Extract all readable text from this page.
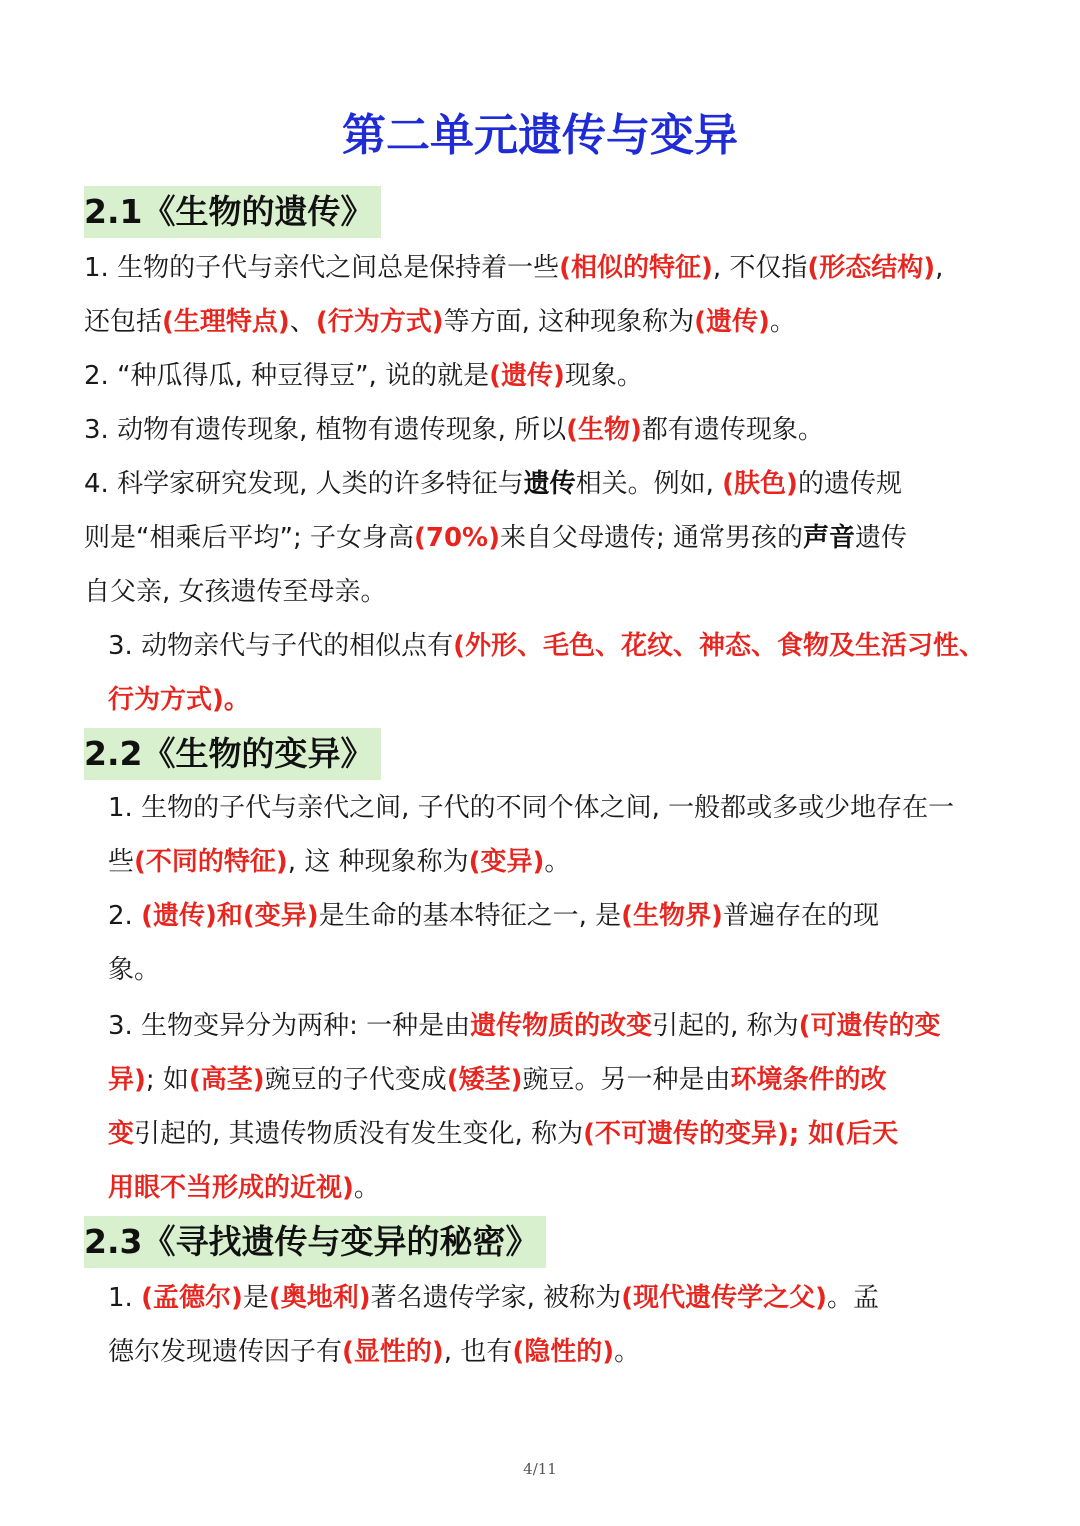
第二单元遗传与变异
2.1《生物的遗传》
1. 生物的子代与亲代之间总是保持着一些(相似的特征), 不仅指(形态结构),
还包括(生理特点)、(行为方式)等方面, 这种现象称为(遗传)。
2. “种瓜得瓜, 种豆得豆”, 说的就是(遗传)现象。
3. 动物有遗传现象, 植物有遗传现象, 所以(生物)都有遗传现象。
4. 科学家研究发现, 人类的许多特征与遗传相关。例如, (肤色)的遗传规
则是“相乘后平均”; 子女身高(70%)来自父母遗传; 通常男孩的声音遗传
自父亲, 女孩遗传至母亲。
3. 动物亲代与子代的相似点有(外形、毛色、花纹、神态、食物及生活习性、
行为方式)。
2.2《生物的变异》
1. 生物的子代与亲代之间, 子代的不同个体之间, 一般都或多或少地存在一
些(不同的特征), 这 种现象称为(变异)。
2. (遗传)和(变异)是生命的基本特征之一, 是(生物界)普遍存在的现
象。
3. 生物变异分为两种: 一种是由遗传物质的改变引起的, 称为(可遗传的变
异); 如(高茎)豌豆的子代变成(矮茎)豌豆。另一种是由环境条件的改
变引起的, 其遗传物质没有发生变化, 称为(不可遗传的变异); 如(后天
用眼不当形成的近视)。
2.3《寻找遗传与变异的秘密》
1. (孟德尔)是(奥地利)著名遗传学家, 被称为(现代遗传学之父)。孟
德尔发现遗传因子有(显性的), 也有(隐性的)。
4/11
